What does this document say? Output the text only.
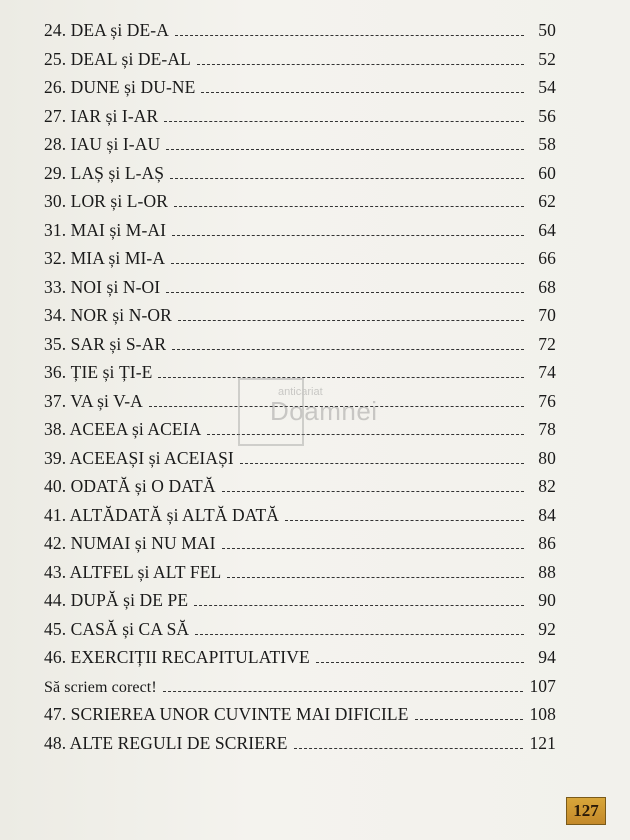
24. DEA și DE-A	50
25. DEAL și DE-AL	52
26. DUNE și DU-NE	54
27. IAR și I-AR	56
28. IAU și I-AU	58
29. LAȘ și L-AȘ	60
30. LOR și L-OR	62
31. MAI și M-AI	64
32. MIA și MI-A	66
33. NOI și N-OI	68
34. NOR și N-OR	70
35. SAR și S-AR	72
36. ȚIE și ȚI-E	74
37. VA și V-A	76
38. ACEEA și ACEIA	78
39. ACEEAȘI și ACEIAȘI	80
40. ODATĂ și O DATĂ	82
41. ALTĂDATĂ și ALTĂ DATĂ	84
42. NUMAI și NU MAI	86
43. ALTFEL și ALT FEL	88
44. DUPĂ și DE PE	90
45. CASĂ și CA SĂ	92
46. EXERCIȚII RECAPITULATIVE	94
Să scriem corect!	107
47. SCRIEREA UNOR CUVINTE MAI DIFICILE	108
48. ALTE REGULI DE SCRIERE	121
anticariat
Doamnei
127
